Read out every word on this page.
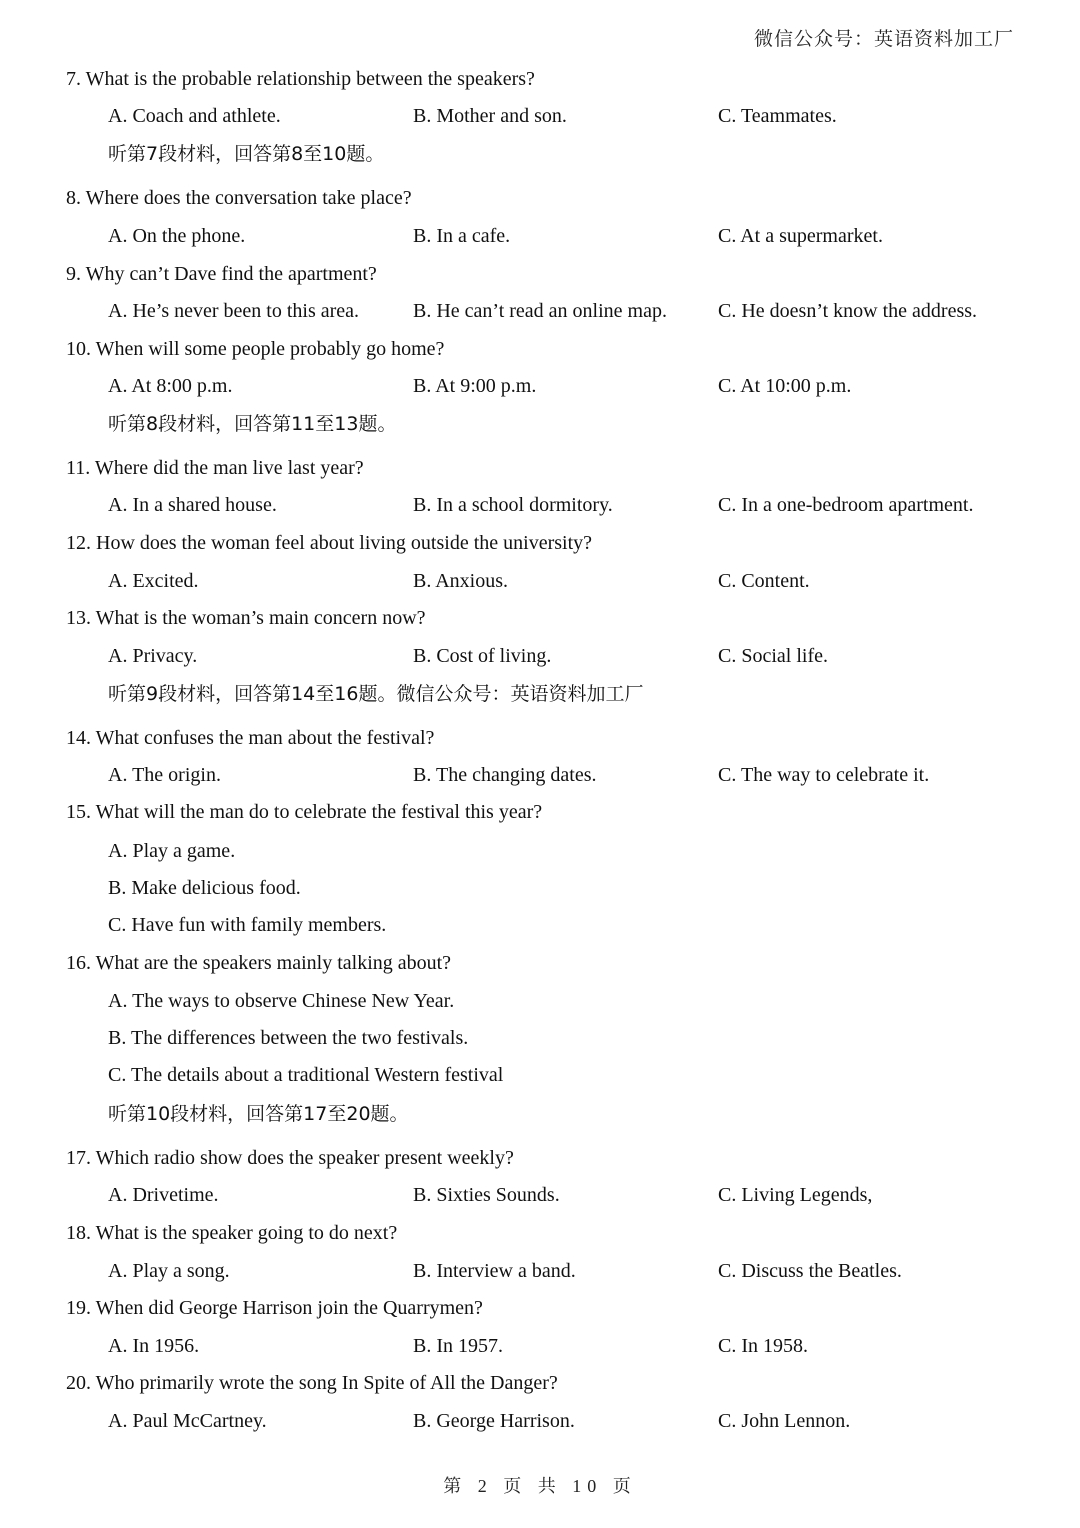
微信公众号：英语资料加工厂
7. What is the probable relationship between the speakers?
A. Coach and athlete.	B. Mother and son.	C. Teammates.
听第7段材料，回答第8至10题。
8. Where does the conversation take place?
A. On the phone.	B. In a cafe.	C. At a supermarket.
9. Why can’t Dave find the apartment?
A. He’s never been to this area.	B. He can’t read an online map.	C. He doesn’t know the address.
10. When will some people probably go home?
A. At 8:00 p.m.	B. At 9:00 p.m.	C. At 10:00 p.m.
听第8段材料，回答第11至13题。
11. Where did the man live last year?
A. In a shared house.	B. In a school dormitory.	C. In a one-bedroom apartment.
12. How does the woman feel about living outside the university?
A. Excited.	B. Anxious.	C. Content.
13. What is the woman’s main concern now?
A. Privacy.	B. Cost of living.	C. Social life.
听第9段材料，回答第14至16题。微信公众号：英语资料加工厂
14. What confuses the man about the festival?
A. The origin.	B. The changing dates.	C. The way to celebrate it.
15. What will the man do to celebrate the festival this year?
A. Play a game.
B. Make delicious food.
C. Have fun with family members.
16. What are the speakers mainly talking about?
A. The ways to observe Chinese New Year.
B. The differences between the two festivals.
C. The details about a traditional Western festival
听第10段材料，回答第17至20题。
17. Which radio show does the speaker present weekly?
A. Drivetime.	B. Sixties Sounds.	C. Living Legends,
18. What is the speaker going to do next?
A. Play a song.	B. Interview a band.	C. Discuss the Beatles.
19. When did George Harrison join the Quarrymen?
A. In 1956.	B. In 1957.	C. In 1958.
20. Who primarily wrote the song In Spite of All the Danger?
A. Paul McCartney.	B. George Harrison.	C. John Lennon.
第 2 页 共 10 页
